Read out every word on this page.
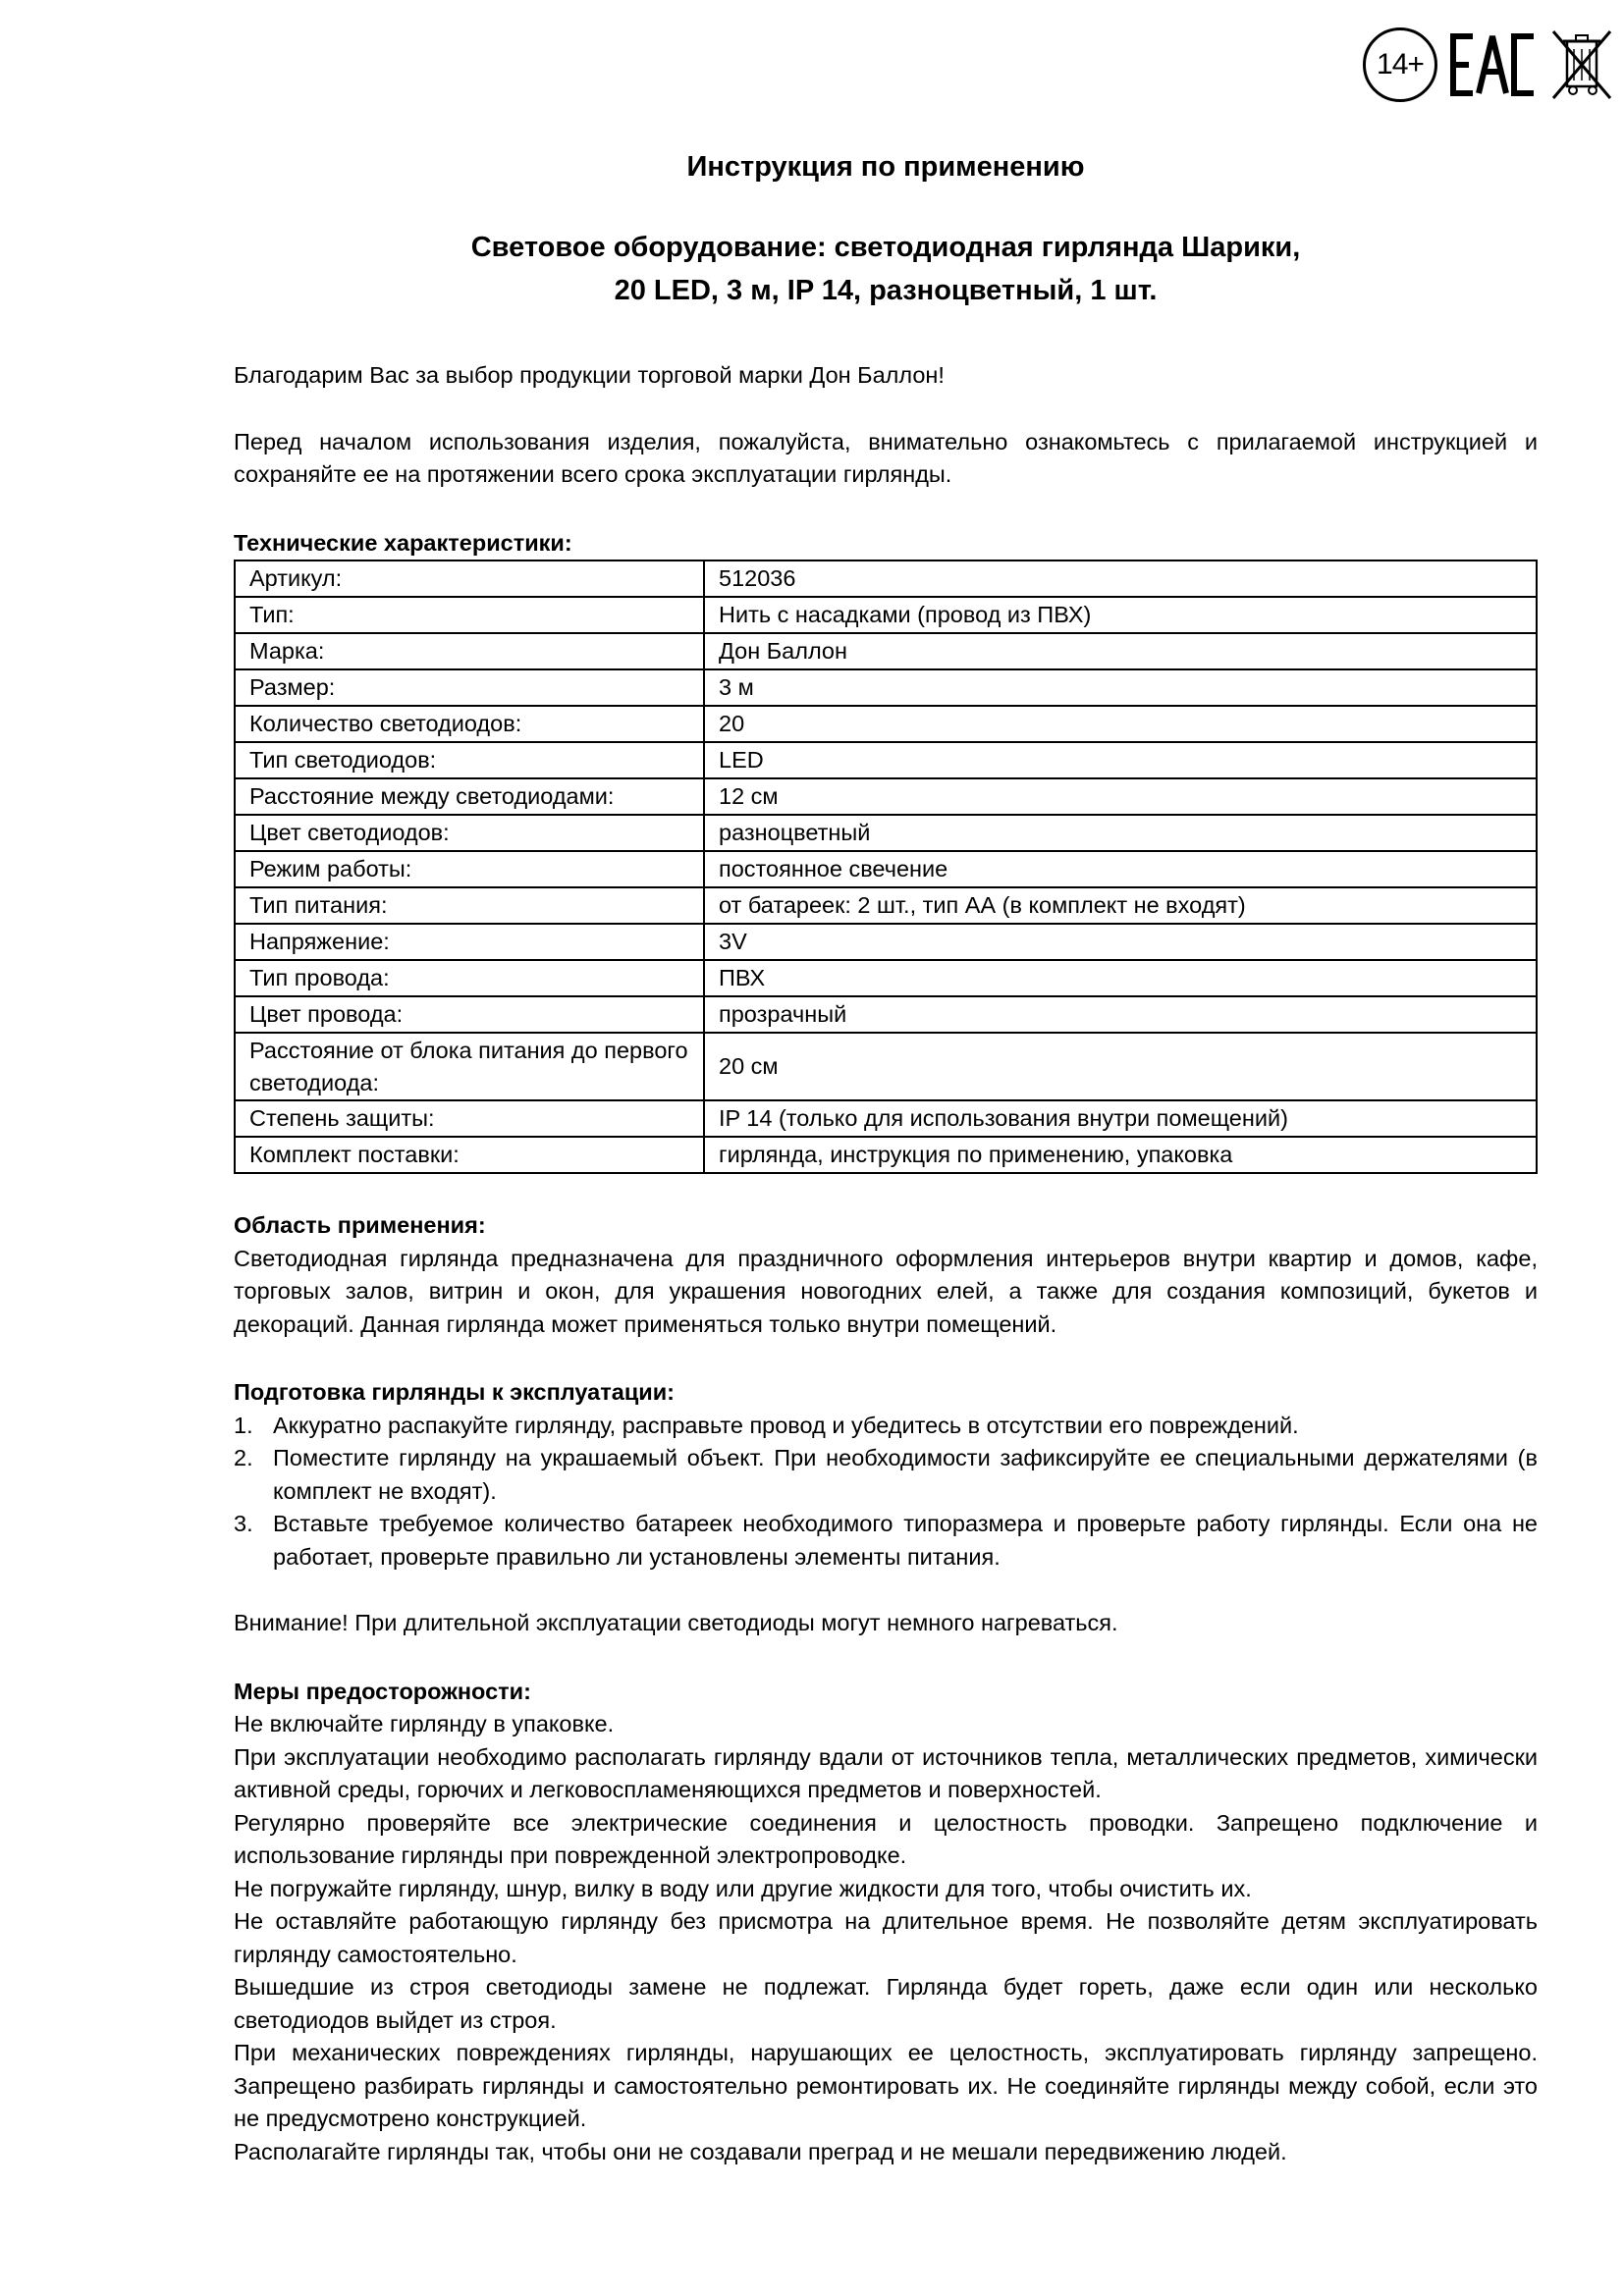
14+

Инструкция по применению

Световое оборудование: светодиодная гирлянда Шарики,
20 LED, 3 м, IP 14, разноцветный, 1 шт.

Благодарим Вас за выбор продукции торговой марки Дон Баллон!

Перед началом использования изделия, пожалуйста, внимательно ознакомьтесь с прилагаемой инструкцией и сохраняйте ее на протяжении всего срока эксплуатации гирлянды.

Технические характеристики:

Артикул:	512036
Тип:	Нить с насадками (провод из ПВХ)
Марка:	Дон Баллон
Размер:	3 м
Количество светодиодов:	20
Тип светодиодов:	LED
Расстояние между светодиодами:	12 см
Цвет светодиодов:	разноцветный
Режим работы:	постоянное свечение
Тип питания:	от батареек: 2 шт., тип АА (в комплект не входят)
Напряжение:	3V
Тип провода:	ПВХ
Цвет провода:	прозрачный
Расстояние от блока питания до первого светодиода:	20 см
Степень защиты:	IP 14 (только для использования внутри помещений)
Комплект поставки:	гирлянда, инструкция по применению, упаковка

Область применения:

Светодиодная гирлянда предназначена для праздничного оформления интерьеров внутри квартир и домов, кафе, торговых залов, витрин и окон, для украшения новогодних елей, а также для создания композиций, букетов и декораций. Данная гирлянда может применяться только внутри помещений.

Подготовка гирлянды к эксплуатации:

1. Аккуратно распакуйте гирлянду, расправьте провод и убедитесь в отсутствии его повреждений.
2. Поместите гирлянду на украшаемый объект. При необходимости зафиксируйте ее специальными держателями (в комплект не входят).
3. Вставьте требуемое количество батареек необходимого типоразмера и проверьте работу гирлянды. Если она не работает, проверьте правильно ли установлены элементы питания.

Внимание! При длительной эксплуатации светодиоды могут немного нагреваться.

Меры предосторожности:

Не включайте гирлянду в упаковке.

При эксплуатации необходимо располагать гирлянду вдали от источников тепла, металлических предметов, химически активной среды, горючих и легковоспламеняющихся предметов и поверхностей.

Регулярно проверяйте все электрические соединения и целостность проводки. Запрещено подключение и использование гирлянды при поврежденной электропроводке.

Не погружайте гирлянду, шнур, вилку в воду или другие жидкости для того, чтобы очистить их.

Не оставляйте работающую гирлянду без присмотра на длительное время. Не позволяйте детям эксплуатировать гирлянду самостоятельно.

Вышедшие из строя светодиоды замене не подлежат. Гирлянда будет гореть, даже если один или несколько светодиодов выйдет из строя.

При механических повреждениях гирлянды, нарушающих ее целостность, эксплуатировать гирлянду запрещено. Запрещено разбирать гирлянды и самостоятельно ремонтировать их. Не соединяйте гирлянды между собой, если это не предусмотрено конструкцией.

Располагайте гирлянды так, чтобы они не создавали преград и не мешали передвижению людей.
